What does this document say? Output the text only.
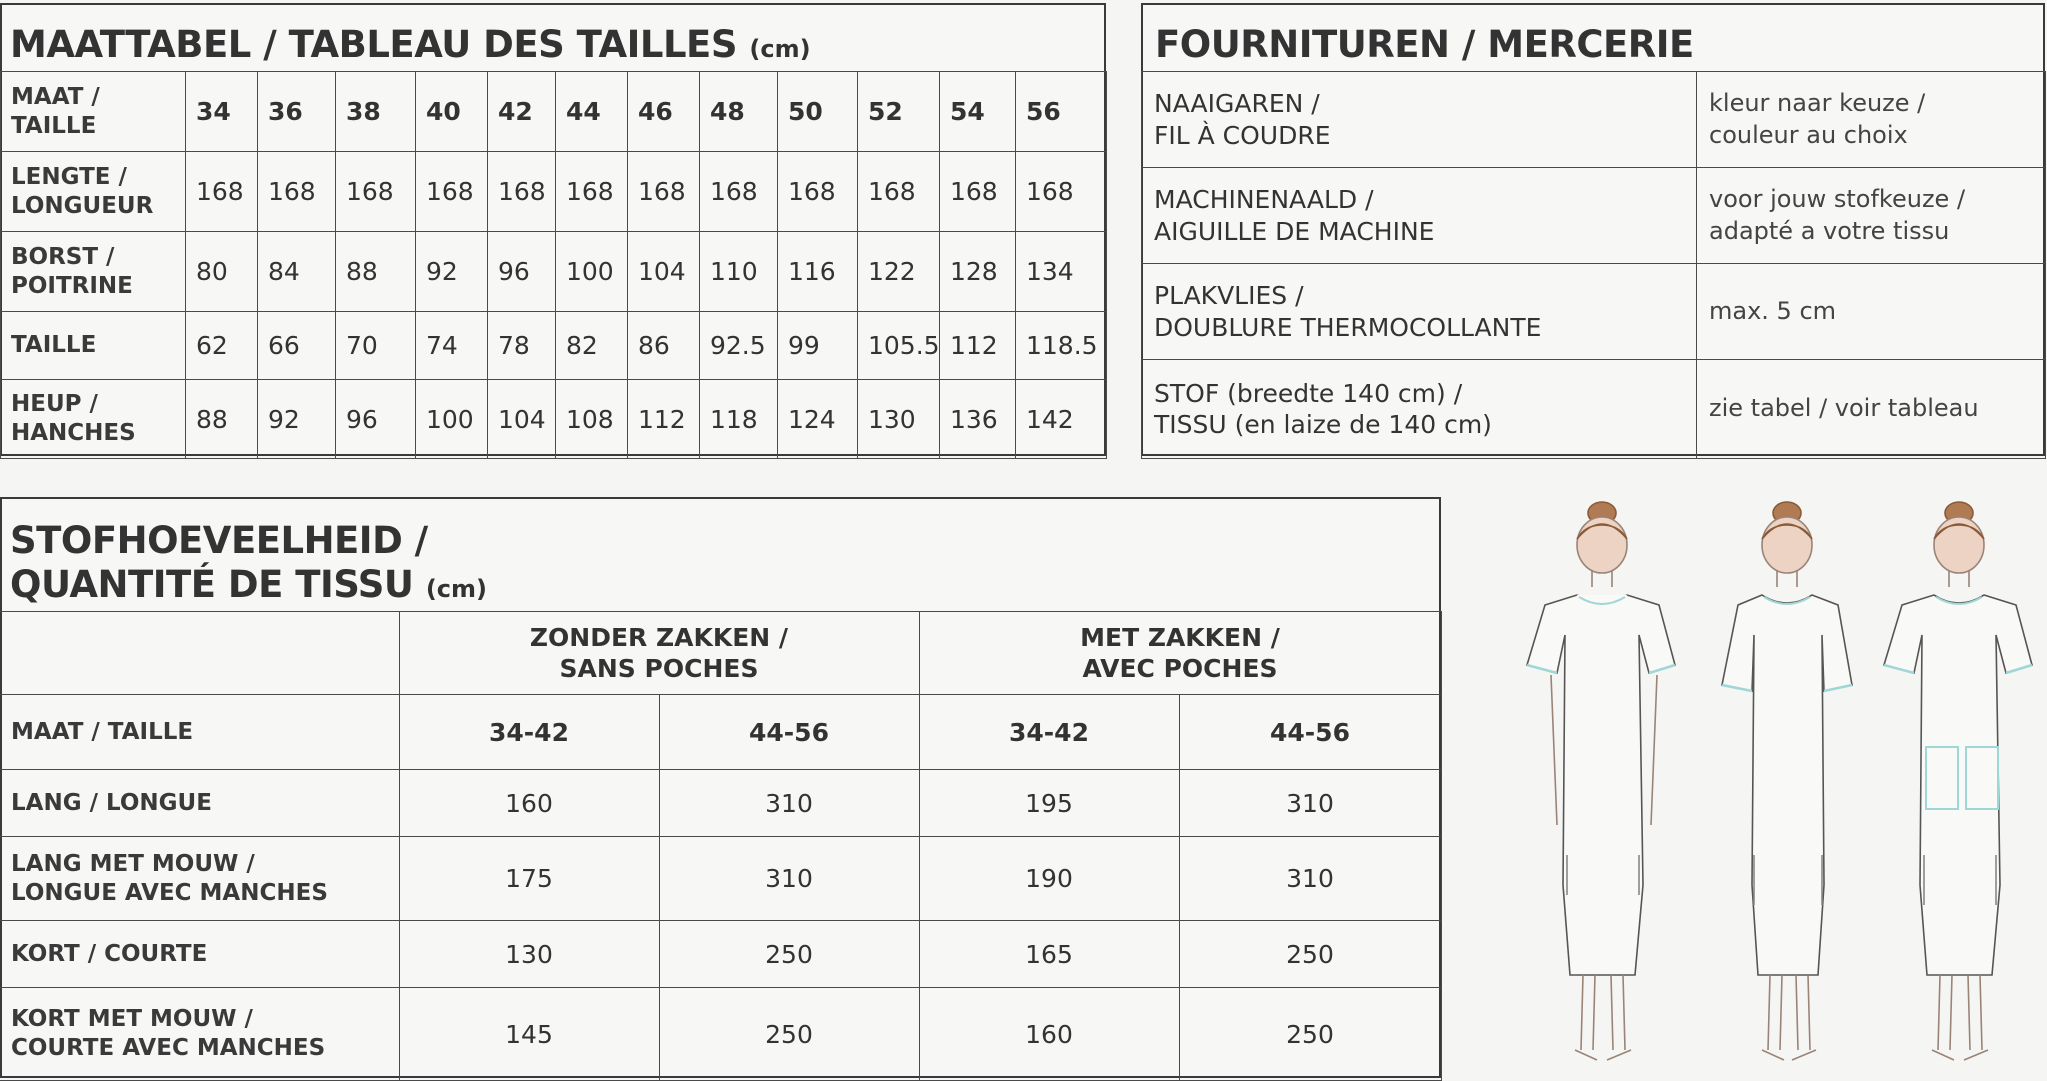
MAATTABEL / TABLEAU DES TAILLES (cm)
MAAT /
TAILLE	34	36	38	40	42	44	46	48	50	52	54	56
LENGTE /
LONGUEUR	168	168	168	168	168	168	168	168	168	168	168	168
BORST /
POITRINE	80	84	88	92	96	100	104	110	116	122	128	134
TAILLE	62	66	70	74	78	82	86	92.5	99	105.5	112	118.5
HEUP /
HANCHES	88	92	96	100	104	108	112	118	124	130	136	142
FOURNITUREN / MERCERIE
NAAIGAREN /
FIL À COUDRE	kleur naar keuze /
couleur au choix
MACHINENAALD /
AIGUILLE DE MACHINE	voor jouw stofkeuze /
adapté a votre tissu
PLAKVLIES /
DOUBLURE THERMOCOLLANTE	max. 5 cm
STOF (breedte 140 cm) /
TISSU (en laize de 140 cm)	zie tabel / voir tableau
STOFHOEVEELHEID /
QUANTITÉ DE TISSU (cm)
	ZONDER ZAKKEN /
SANS POCHES		MET ZAKKEN /
AVEC POCHES	
MAAT / TAILLE	34-42	44-56	34-42	44-56
LANG / LONGUE	160	310	195	310
LANG MET MOUW /
LONGUE AVEC MANCHES	175	310	190	310
KORT / COURTE	130	250	165	250
KORT MET MOUW /
COURTE AVEC MANCHES	145	250	160	250
